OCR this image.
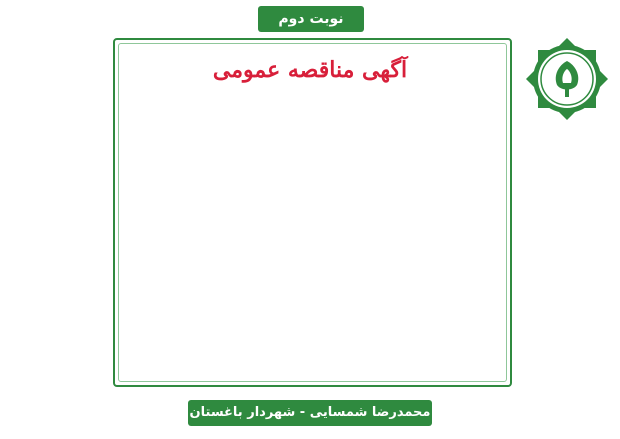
نوبت دوم
آگهی مناقصه عمومی
محمدرضا شمسایی - شهردار باغستان
